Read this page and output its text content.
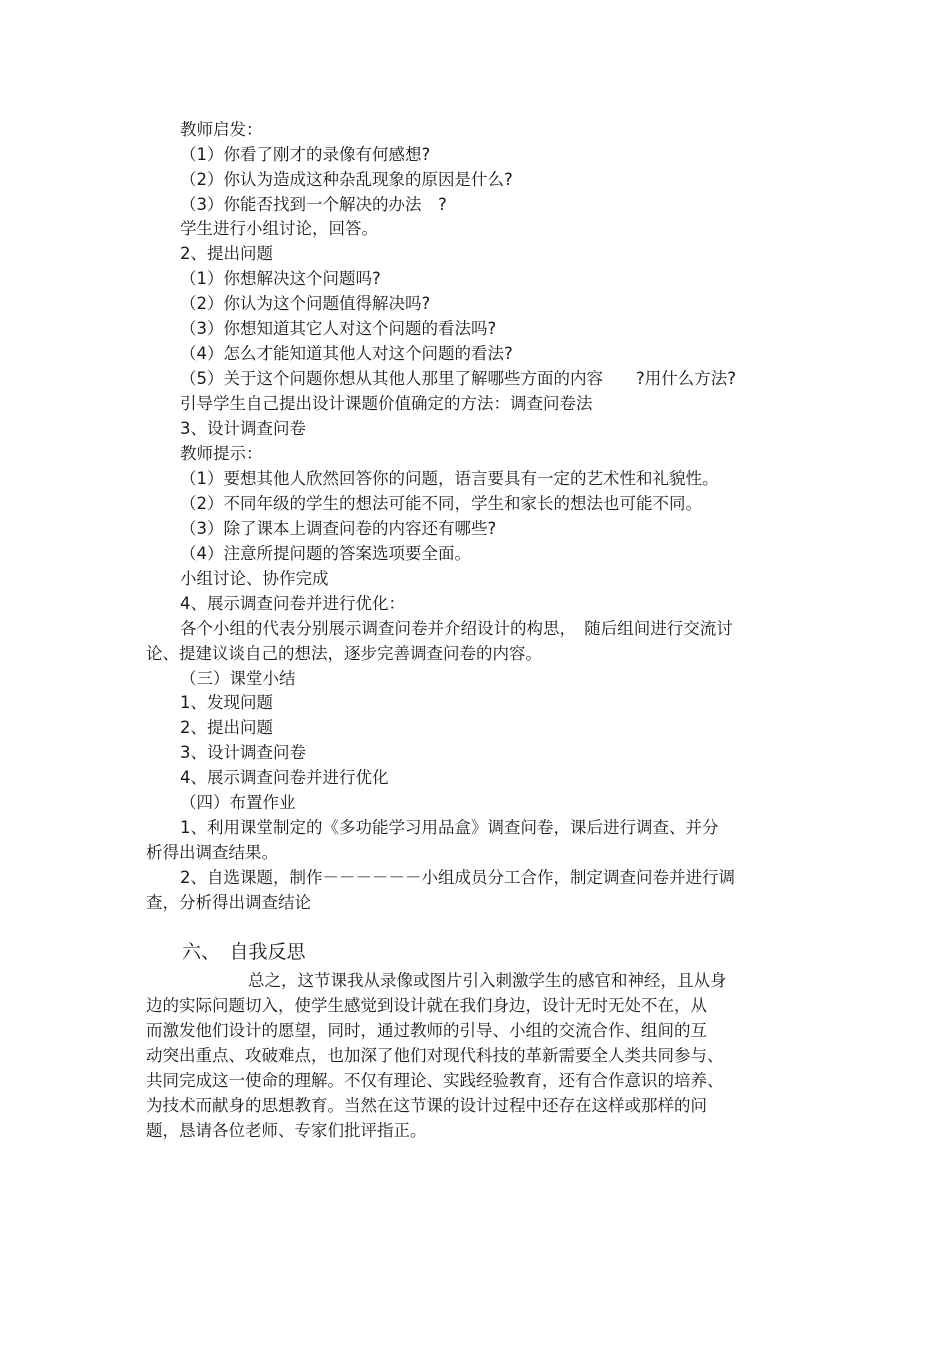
教师启发：
（1）你看了刚才的录像有何感想?
（2）你认为造成这种杂乱现象的原因是什么?
（3）你能否找到一个解决的办法　?
学生进行小组讨论，回答。
2、提出问题
（1）你想解决这个问题吗?
（2）你认为这个问题值得解决吗?
（3）你想知道其它人对这个问题的看法吗?
（4）怎么才能知道其他人对这个问题的看法?
（5）关于这个问题你想从其他人那里了解哪些方面的内容　　?用什么方法?
引导学生自己提出设计课题价值确定的方法：调查问卷法
3、设计调查问卷
教师提示：
（1）要想其他人欣然回答你的问题，语言要具有一定的艺术性和礼貌性。
（2）不同年级的学生的想法可能不同，学生和家长的想法也可能不同。
（3）除了课本上调查问卷的内容还有哪些?
（4）注意所提问题的答案选项要全面。
小组讨论、协作完成
4、展示调查问卷并进行优化：
各个小组的代表分别展示调查问卷并介绍设计的构思，　随后组间进行交流讨
论、提建议谈自己的想法，逐步完善调查问卷的内容。
（三）课堂小结
1、发现问题
2、提出问题
3、设计调查问卷
4、展示调查问卷并进行优化
（四）布置作业
1、利用课堂制定的《多功能学习用品盒》调查问卷，课后进行调查、并分
析得出调查结果。
2、自选课题，制作－－－－－－小组成员分工合作，制定调查问卷并进行调
查，分析得出调查结论
六、　自我反思
总之，这节课我从录像或图片引入刺激学生的感官和神经，且从身
边的实际问题切入，使学生感觉到设计就在我们身边，设计无时无处不在，从
而激发他们设计的愿望，同时，通过教师的引导、小组的交流合作、组间的互
动突出重点、攻破难点，也加深了他们对现代科技的革新需要全人类共同参与、
共同完成这一使命的理解。不仅有理论、实践经验教育，还有合作意识的培养、
为技术而献身的思想教育。当然在这节课的设计过程中还存在这样或那样的问
题，恳请各位老师、专家们批评指正。
